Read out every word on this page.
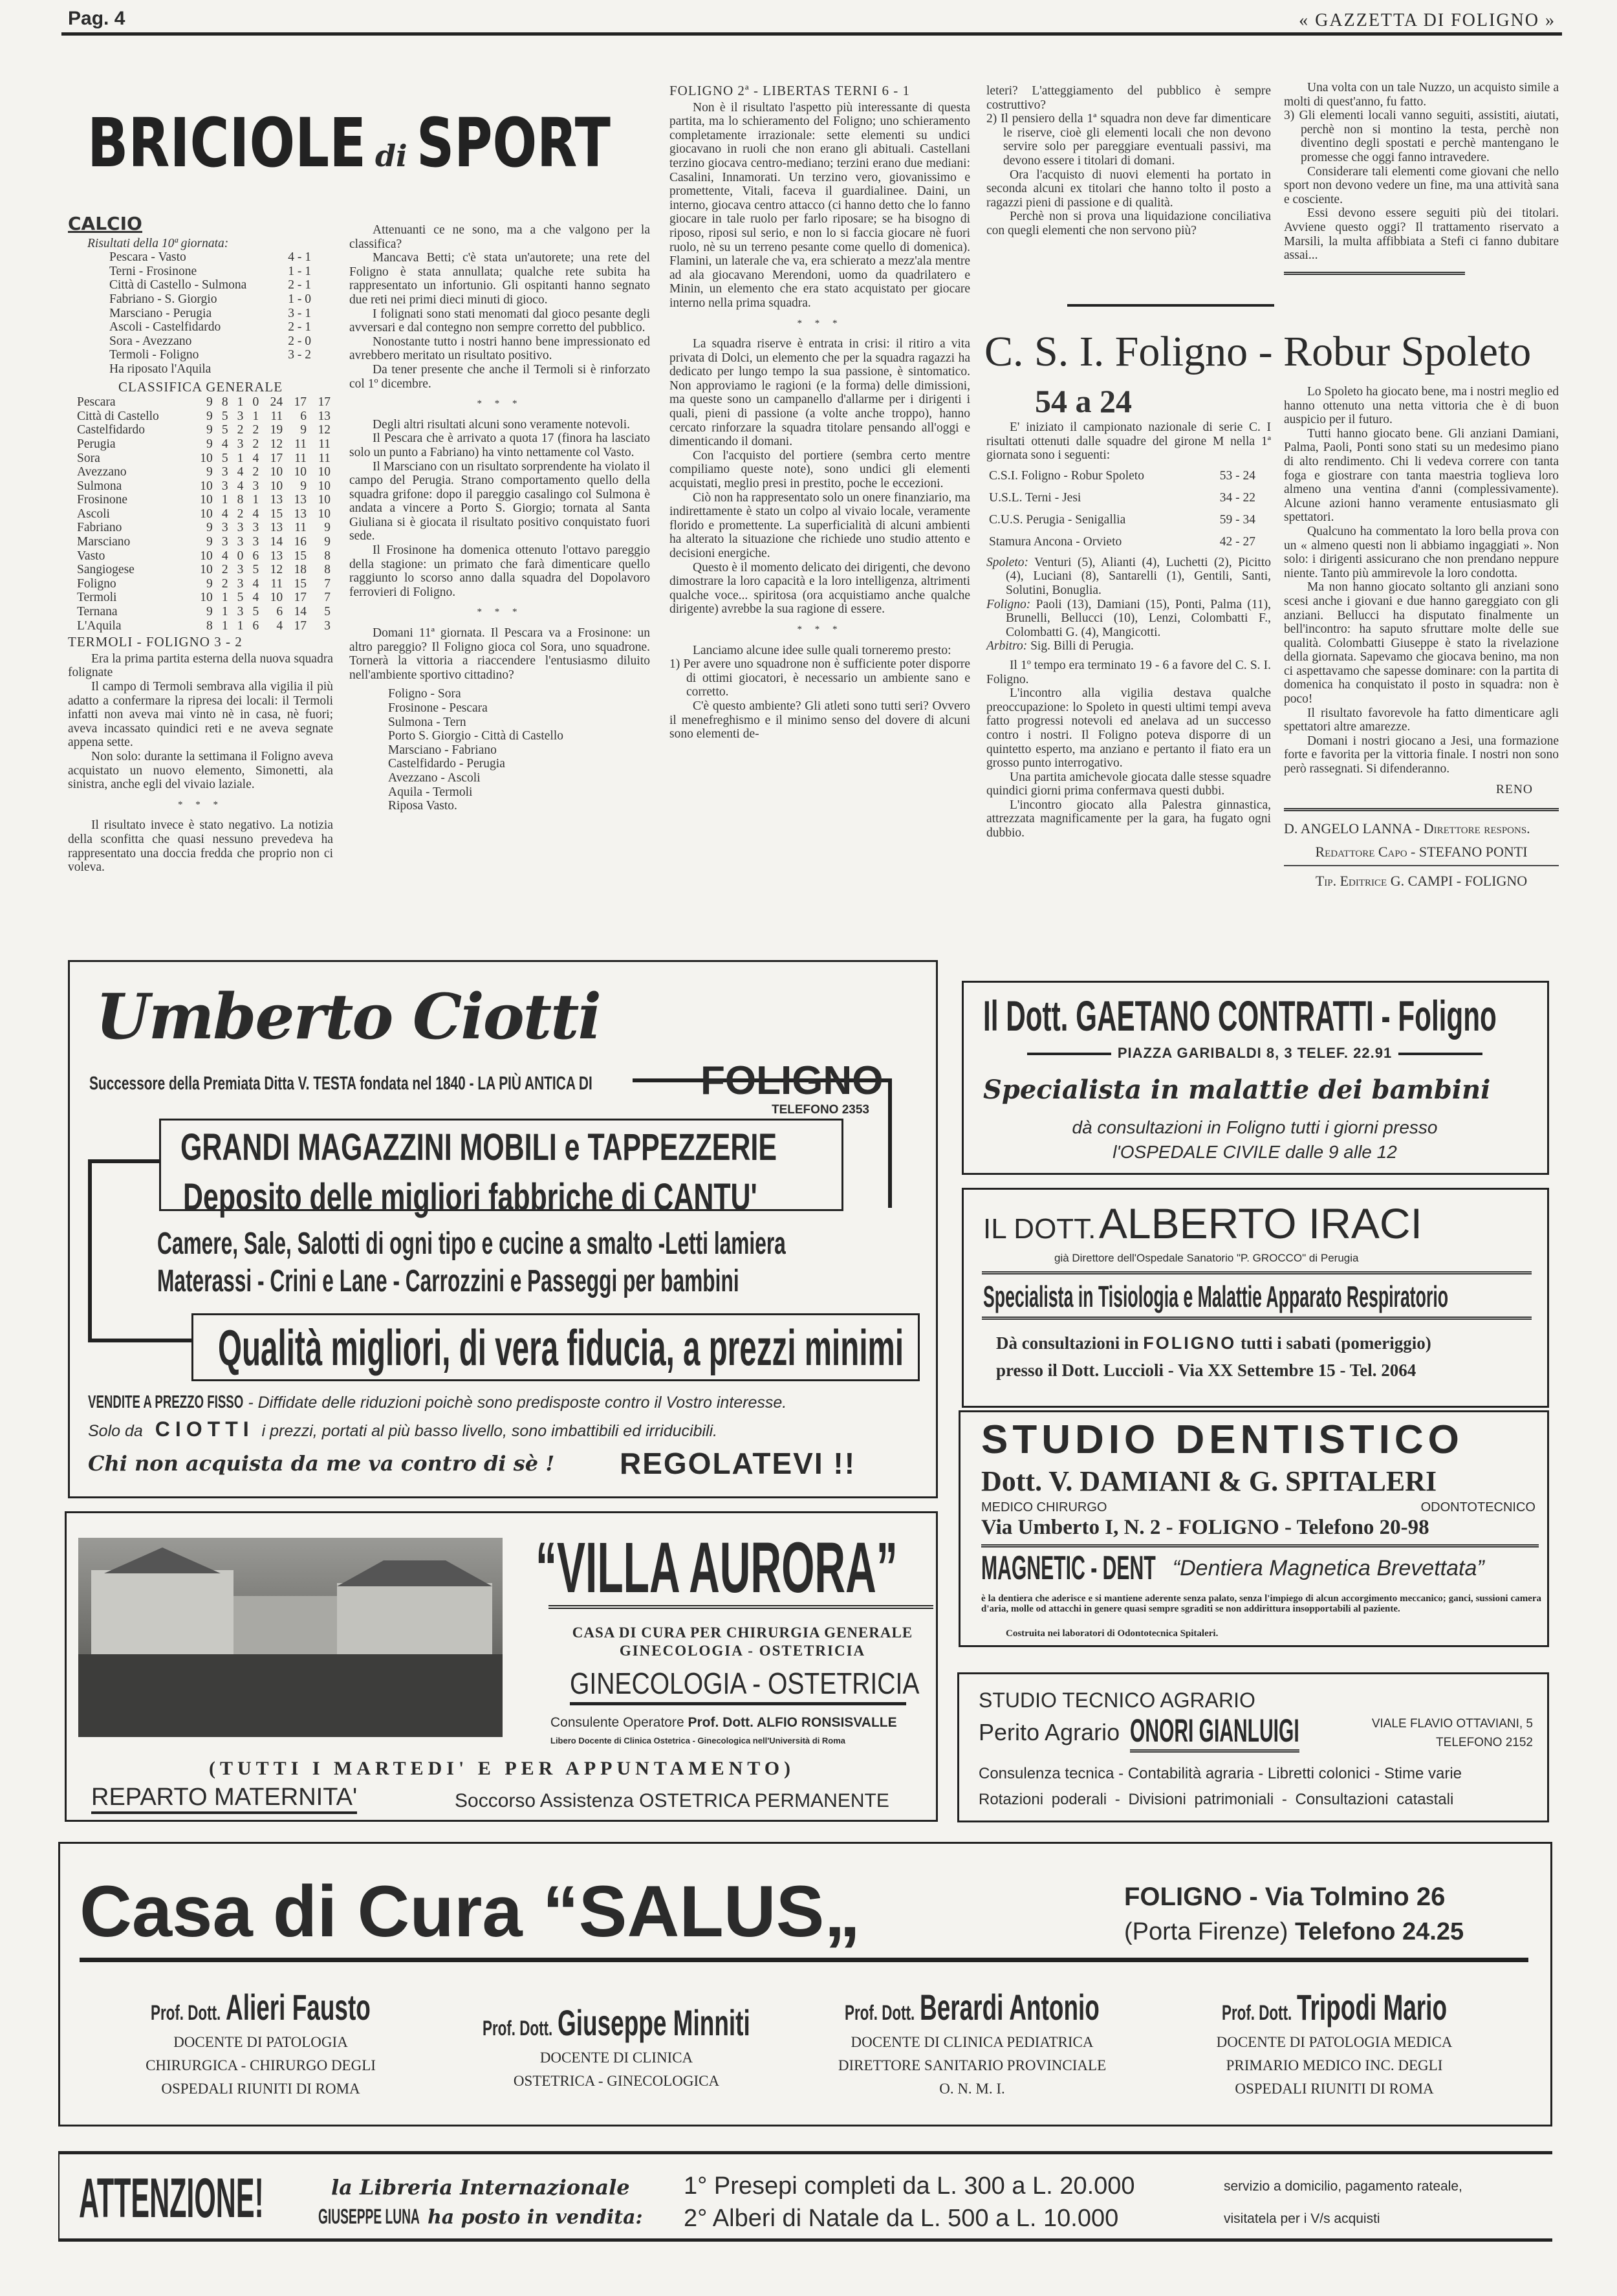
Pag. 4	« GAZZETTA DI FOLIGNO »
BRICIOLE di SPORT
CALCIO
Risultati della 10ª giornata:
Pescara - Vasto	4 - 1
Terni - Frosinone	1 - 1
Città di Castello - Sulmona	2 - 1
Fabriano - S. Giorgio	1 - 0
Marsciano - Perugia	3 - 1
Ascoli - Castelfidardo	2 - 1
Sora - Avezzano	2 - 0
Termoli - Foligno	3 - 2
Ha riposato l'Aquila
CLASSIFICA GENERALE
Pescara	9	8	1	0	24	17	17
Città di Castello	9	5	3	1	11	6	13
Castelfidardo	9	5	2	2	19	9	12
Perugia	9	4	3	2	12	11	11
Sora	10	5	1	4	17	11	11
Avezzano	9	3	4	2	10	10	10
Sulmona	10	3	4	3	10	9	10
Frosinone	10	1	8	1	13	13	10
Ascoli	10	4	2	4	15	13	10
Fabriano	9	3	3	3	13	11	9
Marsciano	9	3	3	3	14	16	9
Vasto	10	4	0	6	13	15	8
Sangiogese	10	2	3	5	12	18	8
Foligno	9	2	3	4	11	15	7
Termoli	10	1	5	4	10	17	7
Ternana	9	1	3	5	6	14	5
L'Aquila	8	1	1	6	4	17	3
TERMOLI - FOLIGNO 3 - 2

Era la prima partita esterna della nuova squadra folignate

Il campo di Termoli sembrava alla vigilia il più adatto a confermare la ripresa dei locali: il Termoli infatti non aveva mai vinto nè in casa, nè fuori; aveva incassato quindici reti e ne aveva segnate appena sette.

Non solo: durante la settimana il Foligno aveva acquistato un nuovo elemento, Simonetti, ala sinistra, anche egli del vivaio laziale.

* * *

Il risultato invece è stato negativo. La notizia della sconfitta che quasi nessuno prevedeva ha rappresentato una doccia fredda che proprio non ci voleva.

Attenuanti ce ne sono, ma a che valgono per la classifica?

Mancava Betti; c'è stata un'autorete; una rete del Foligno è stata annullata; qualche rete subita ha rappresentato un infortunio. Gli ospitanti hanno segnato due reti nei primi dieci minuti di gioco.

I folignati sono stati menomati dal gioco pesante degli avversari e dal contegno non sempre corretto del pubblico.

Nonostante tutto i nostri hanno bene impressionato ed avrebbero meritato un risultato positivo.

Da tener presente che anche il Termoli si è rinforzato col 1º dicembre.

* * *

Degli altri risultati alcuni sono veramente notevoli.

Il Pescara che è arrivato a quota 17 (finora ha lasciato solo un punto a Fabriano) ha vinto nettamente col Vasto.

Il Marsciano con un risultato sorprendente ha violato il campo del Perugia. Strano comportamento quello della squadra grifone: dopo il pareggio casalingo col Sulmona è andata a vincere a Porto S. Giorgio; tornata al Santa Giuliana si è giocata il risultato positivo conquistato fuori sede.

Il Frosinone ha domenica ottenuto l'ottavo pareggio della stagione: un primato che farà dimenticare quello raggiunto lo scorso anno dalla squadra del Dopolavoro ferrovieri di Foligno.

* * *

Domani 11ª giornata. Il Pescara va a Frosinone: un altro pareggio? Il Foligno gioca col Sora, uno squadrone. Tornerà la vittoria a riaccendere l'entusiasmo diluito nell'ambiente sportivo cittadino?

Foligno - Sora
Frosinone - Pescara
Sulmona - Tern
Porto S. Giorgio - Città di Castello
Marsciano - Fabriano
Castelfidardo - Perugia
Avezzano - Ascoli
Aquila - Termoli
Riposa Vasto.
FOLIGNO 2ª - LIBERTAS TERNI 6 - 1

Non è il risultato l'aspetto più interessante di questa partita, ma lo schieramento del Foligno; uno schieramento completamente irrazionale: sette elementi su undici giocavano in ruoli che non erano gli abituali. Castellani terzino giocava centro-mediano; terzini erano due mediani: Casalini, Innamorati. Un terzino vero, giovanissimo e promettente, Vitali, faceva il guardialinee. Daini, un interno, giocava centro attacco (ci hanno detto che lo fanno giocare in tale ruolo per farlo riposare; se ha bisogno di riposo, riposi sul serio, e non lo si faccia giocare nè fuori ruolo, nè su un terreno pesante come quello di domenica). Flamini, un laterale che va, era schierato a mezz'ala mentre ad ala giocavano Merendoni, uomo da quadrilatero e Minin, un elemento che era stato acquistato per giocare interno nella prima squadra.

* * *

La squadra riserve è entrata in crisi: il ritiro a vita privata di Dolci, un elemento che per la squadra ragazzi ha dedicato per lungo tempo la sua passione, è sintomatico. Non approviamo le ragioni (e la forma) delle dimissioni, ma queste sono un campanello d'allarme per i dirigenti i quali, pieni di passione (a volte anche troppo), hanno cercato rinforzare la squadra titolare pensando all'oggi e dimenticando il domani.

Con l'acquisto del portiere (sembra certo mentre compiliamo queste note), sono undici gli elementi acquistati, meglio presi in prestito, poche le eccezioni.

Ciò non ha rappresentato solo un onere finanziario, ma indirettamente è stato un colpo al vivaio locale, veramente florido e promettente. La superficialità di alcuni ambienti ha alterato la situazione che richiede uno studio attento e decisioni energiche.

Questo è il momento delicato dei dirigenti, che devono dimostrare la loro capacità e la loro intelligenza, altrimenti qualche voce... spiritosa (ora acquistiamo anche qualche dirigente) avrebbe la sua ragione di essere.

* * *

Lanciamo alcune idee sulle quali torneremo presto:

1) Per avere uno squadrone non è sufficiente poter disporre di ottimi giocatori, è necessario un ambiente sano e corretto.

C'è questo ambiente? Gli atleti sono tutti seri? Ovvero il menefreghismo e il minimo senso del dovere di alcuni sono elementi de-

leteri? L'atteggiamento del pubblico è sempre costruttivo?

2) Il pensiero della 1ª squadra non deve far dimenticare le riserve, cioè gli elementi locali che non devono servire solo per pareggiare eventuali passivi, ma devono essere i titolari di domani.

Ora l'acquisto di nuovi elementi ha portato in seconda alcuni ex titolari che hanno tolto il posto a ragazzi pieni di passione e di qualità.

Perchè non si prova una liquidazione conciliativa con quegli elementi che non servono più?

Una volta con un tale Nuzzo, un acquisto simile a molti di quest'anno, fu fatto.

3) Gli elementi locali vanno seguiti, assistiti, aiutati, perchè non si montino la testa, perchè non diventino degli spostati e perchè mantengano le promesse che oggi fanno intravedere.

Considerare tali elementi come giovani che nello sport non devono vedere un fine, ma una attività sana e cosciente.

Essi devono essere seguiti più dei titolari. Avviene questo oggi? Il trattamento riservato a Marsili, la multa affibbiata a Stefi ci fanno dubitare assai...

C. S. I. Foligno - Robur Spoleto
54 a 24

E' iniziato il campionato nazionale di serie C. I risultati ottenuti dalle squadre del girone M nella 1ª giornata sono i seguenti:

C.S.I. Foligno - Robur Spoleto	53 - 24
U.S.L. Terni - Jesi	34 - 22
C.U.S. Perugia - Senigallia	59 - 34
Stamura Ancona - Orvieto	42 - 27
Spoleto: Venturi (5), Alianti (4), Luchetti (2), Picitto (4), Luciani (8), Santarelli (1), Gentili, Santi, Solutini, Bonuglia.
Foligno: Paoli (13), Damiani (15), Ponti, Palma (11), Brunelli, Bellucci (10), Lenzi, Colombatti F., Colombatti G. (4), Mangicotti.
Arbitro: Sig. Billi di Perugia.

Il 1º tempo era terminato 19 - 6 a favore del C. S. I. Foligno.

L'incontro alla vigilia destava qualche preoccupazione: lo Spoleto in questi ultimi tempi aveva fatto progressi notevoli ed anelava ad un successo contro i nostri. Il Foligno poteva disporre di un quintetto esperto, ma anziano e pertanto il fiato era un grosso punto interrogativo.

Una partita amichevole giocata dalle stesse squadre quindici giorni prima confermava questi dubbi.

L'incontro giocato alla Palestra ginnastica, attrezzata magnificamente per la gara, ha fugato ogni dubbio.

Lo Spoleto ha giocato bene, ma i nostri meglio ed hanno ottenuto una netta vittoria che è di buon auspicio per il futuro.

Tutti hanno giocato bene. Gli anziani Damiani, Palma, Paoli, Ponti sono stati su un medesimo piano di alto rendimento. Chi li vedeva correre con tanta foga e giostrare con tanta maestria toglieva loro almeno una ventina d'anni (complessivamente). Alcune azioni hanno veramente entusiasmato gli spettatori.

Qualcuno ha commentato la loro bella prova con un « almeno questi non li abbiamo ingaggiati ». Non solo: i dirigenti assicurano che non prendano neppure niente. Tanto più ammirevole la loro condotta.

Ma non hanno giocato soltanto gli anziani sono scesi anche i giovani e due hanno gareggiato con gli anziani. Bellucci ha disputato finalmente un bell'incontro: ha saputo sfruttare molte delle sue qualità. Colombatti Giuseppe è stato la rivelazione della giornata. Sapevamo che giocava benino, ma non ci aspettavamo che sapesse dominare: con la partita di domenica ha conquistato il posto in squadra: non è poco!

Il risultato favorevole ha fatto dimenticare agli spettatori altre amarezze.

Domani i nostri giocano a Jesi, una formazione forte e favorita per la vittoria finale. I nostri non sono però rassegnati. Si difenderanno.

RENO
D. ANGELO LANNA - Direttore respons.
Redattore Capo - STEFANO PONTI
Tip. Editrice G. CAMPI - FOLIGNO
Umberto Ciotti
Successore della Premiata Ditta V. TESTA fondata nel 1840 - LA PIÙ ANTICA DI	FOLIGNO
TELEFONO 2353
GRANDI MAGAZZINI MOBILI e TAPPEZZERIE
Deposito delle migliori fabbriche di CANTU'
Camere, Sale, Salotti di ogni tipo e cucine a smalto -Letti lamiera
Materassi - Crini e Lane - Carrozzini e Passeggi per bambini
Qualità migliori, di vera fiducia, a prezzi minimi
VENDITE A PREZZO FISSO - Diffidate delle riduzioni poichè sono predisposte contro il Vostro interesse.
Solo da CIOTTI i prezzi, portati al più basso livello, sono imbattibili ed irriducibili.
Chi non acquista da me va contro di sè ! REGOLATEVI !!
“VILLA AURORA”
CASA DI CURA PER CHIRURGIA GENERALE
GINECOLOGIA - OSTETRICIA
GINECOLOGIA - OSTETRICIA
Consulente Operatore Prof. Dott. ALFIO RONSISVALLE
Libero Docente di Clinica Ostetrica - Ginecologica nell'Università di Roma
(TUTTI I MARTEDI' E PER APPUNTAMENTO)
REPARTO MATERNITA'	Soccorso Assistenza OSTETRICA PERMANENTE
Il Dott. GAETANO CONTRATTI - Foligno
PIAZZA GARIBALDI 8, 3 TELEF. 22.91
Specialista in malattie dei bambini
dà consultazioni in Foligno tutti i giorni presso
l'OSPEDALE CIVILE dalle 9 alle 12
IL DOTT. ALBERTO IRACI
già Direttore dell'Ospedale Sanatorio "P. GROCCO" di Perugia
Specialista in Tisiologia e Malattie Apparato Respiratorio
Dà consultazioni in FOLIGNO tutti i sabati (pomeriggio)
presso il Dott. Luccioli - Via XX Settembre 15 - Tel. 2064
STUDIO DENTISTICO
Dott. V. DAMIANI & G. SPITALERI
MEDICO CHIRURGO	ODONTOTECNICO
Via Umberto I, N. 2 - FOLIGNO - Telefono 20-98
MAGNETIC - DENT “Dentiera Magnetica Brevettata”
è la dentiera che aderisce e si mantiene aderente senza palato, senza l'impiego di alcun accorgimento meccanico; ganci, sussioni camera d'aria, molle od attacchi in genere quasi sempre sgraditi se non addirittura insopportabili al paziente.
Costruita nei laboratori di Odontotecnica Spitaleri.
STUDIO TECNICO AGRARIO
Perito Agrario ONORI GIANLUIGI	VIALE FLAVIO OTTAVIANI, 5
TELEFONO 2152
Consulenza tecnica - Contabilità agraria - Libretti colonici - Stime varie
Rotazioni poderali - Divisioni patrimoniali - Consultazioni catastali
Casa di Cura “SALUS„	FOLIGNO - Via Tolmino 26
(Porta Firenze) Telefono 24.25
Prof. Dott. Alieri Fausto
DOCENTE DI PATOLOGIA
CHIRURGICA - CHIRURGO DEGLI
OSPEDALI RIUNITI DI ROMA
Prof. Dott. Giuseppe Minniti
DOCENTE DI CLINICA
OSTETRICA - GINECOLOGICA
Prof. Dott. Berardi Antonio
DOCENTE DI CLINICA PEDIATRICA
DIRETTORE SANITARIO PROVINCIALE
O. N. M. I.
Prof. Dott. Tripodi Mario
DOCENTE DI PATOLOGIA MEDICA
PRIMARIO MEDICO INC. DEGLI
OSPEDALI RIUNITI DI ROMA
ATTENZIONE!	la Libreria Internazionale
GIUSEPPE LUNA ha posto in vendita:
1° Presepi completi da L. 300 a L. 20.000
2° Alberi di Natale da L. 500 a L. 10.000
servizio a domicilio, pagamento rateale,
visitatela per i V/s acquisti
